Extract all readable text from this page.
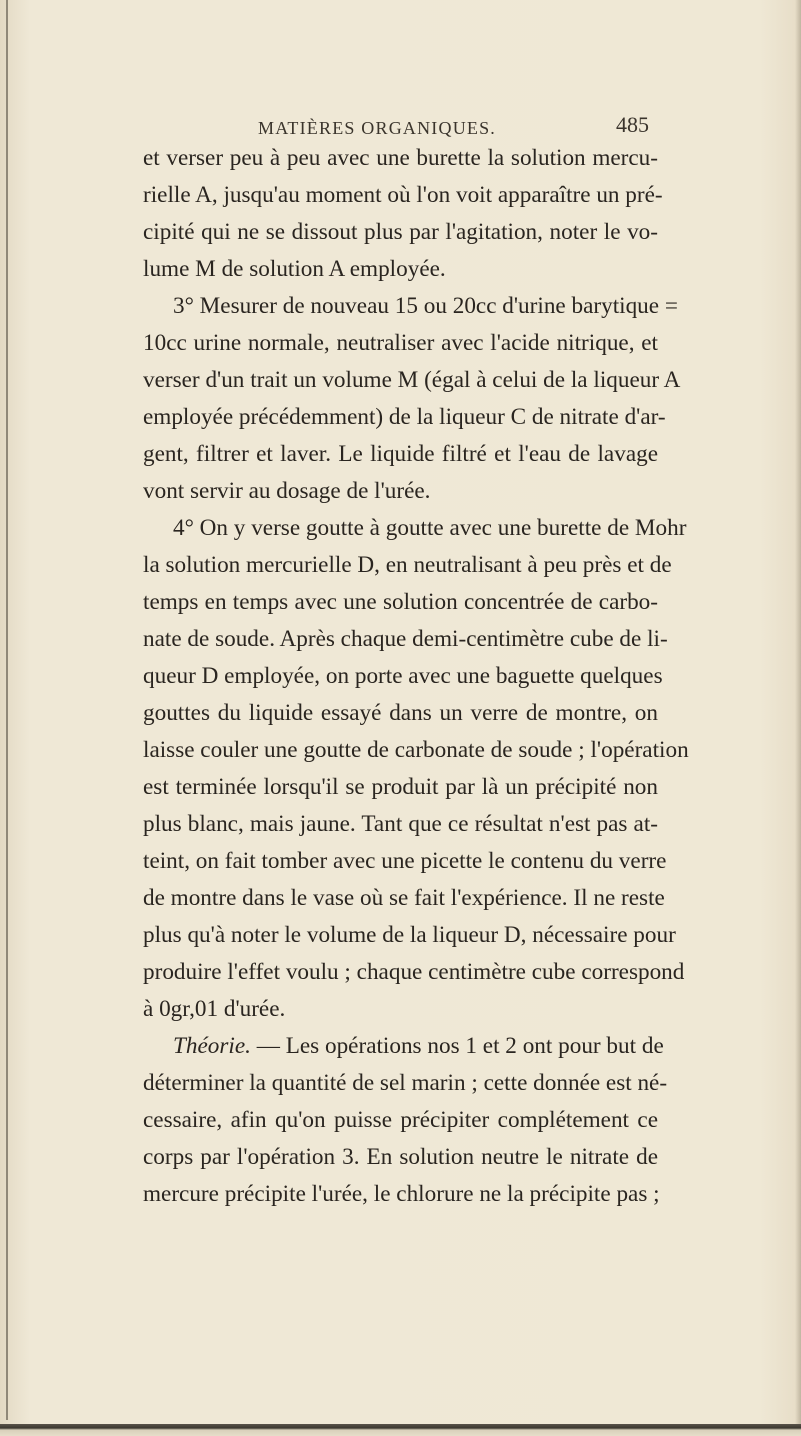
MATIÈRES ORGANIQUES.	485
et verser peu à peu avec une burette la solution mercu-
rielle A, jusqu'au moment où l'on voit apparaître un pré-
cipité qui ne se dissout plus par l'agitation, noter le vo-
lume M de solution A employée.
3° Mesurer de nouveau 15 ou 20cc d'urine barytique =
10cc urine normale, neutraliser avec l'acide nitrique, et
verser d'un trait un volume M (égal à celui de la liqueur A
employée précédemment) de la liqueur C de nitrate d'ar-
gent, filtrer et laver. Le liquide filtré et l'eau de lavage
vont servir au dosage de l'urée.
4° On y verse goutte à goutte avec une burette de Mohr
la solution mercurielle D, en neutralisant à peu près et de
temps en temps avec une solution concentrée de carbo-
nate de soude. Après chaque demi-centimètre cube de li-
queur D employée, on porte avec une baguette quelques
gouttes du liquide essayé dans un verre de montre, on
laisse couler une goutte de carbonate de soude ; l'opération
est terminée lorsqu'il se produit par là un précipité non
plus blanc, mais jaune. Tant que ce résultat n'est pas at-
teint, on fait tomber avec une picette le contenu du verre
de montre dans le vase où se fait l'expérience. Il ne reste
plus qu'à noter le volume de la liqueur D, nécessaire pour
produire l'effet voulu ; chaque centimètre cube correspond
à 0gr,01 d'urée.
Théorie. — Les opérations nos 1 et 2 ont pour but de
déterminer la quantité de sel marin ; cette donnée est né-
cessaire, afin qu'on puisse précipiter complétement ce
corps par l'opération 3. En solution neutre le nitrate de
mercure précipite l'urée, le chlorure ne la précipite pas ;
